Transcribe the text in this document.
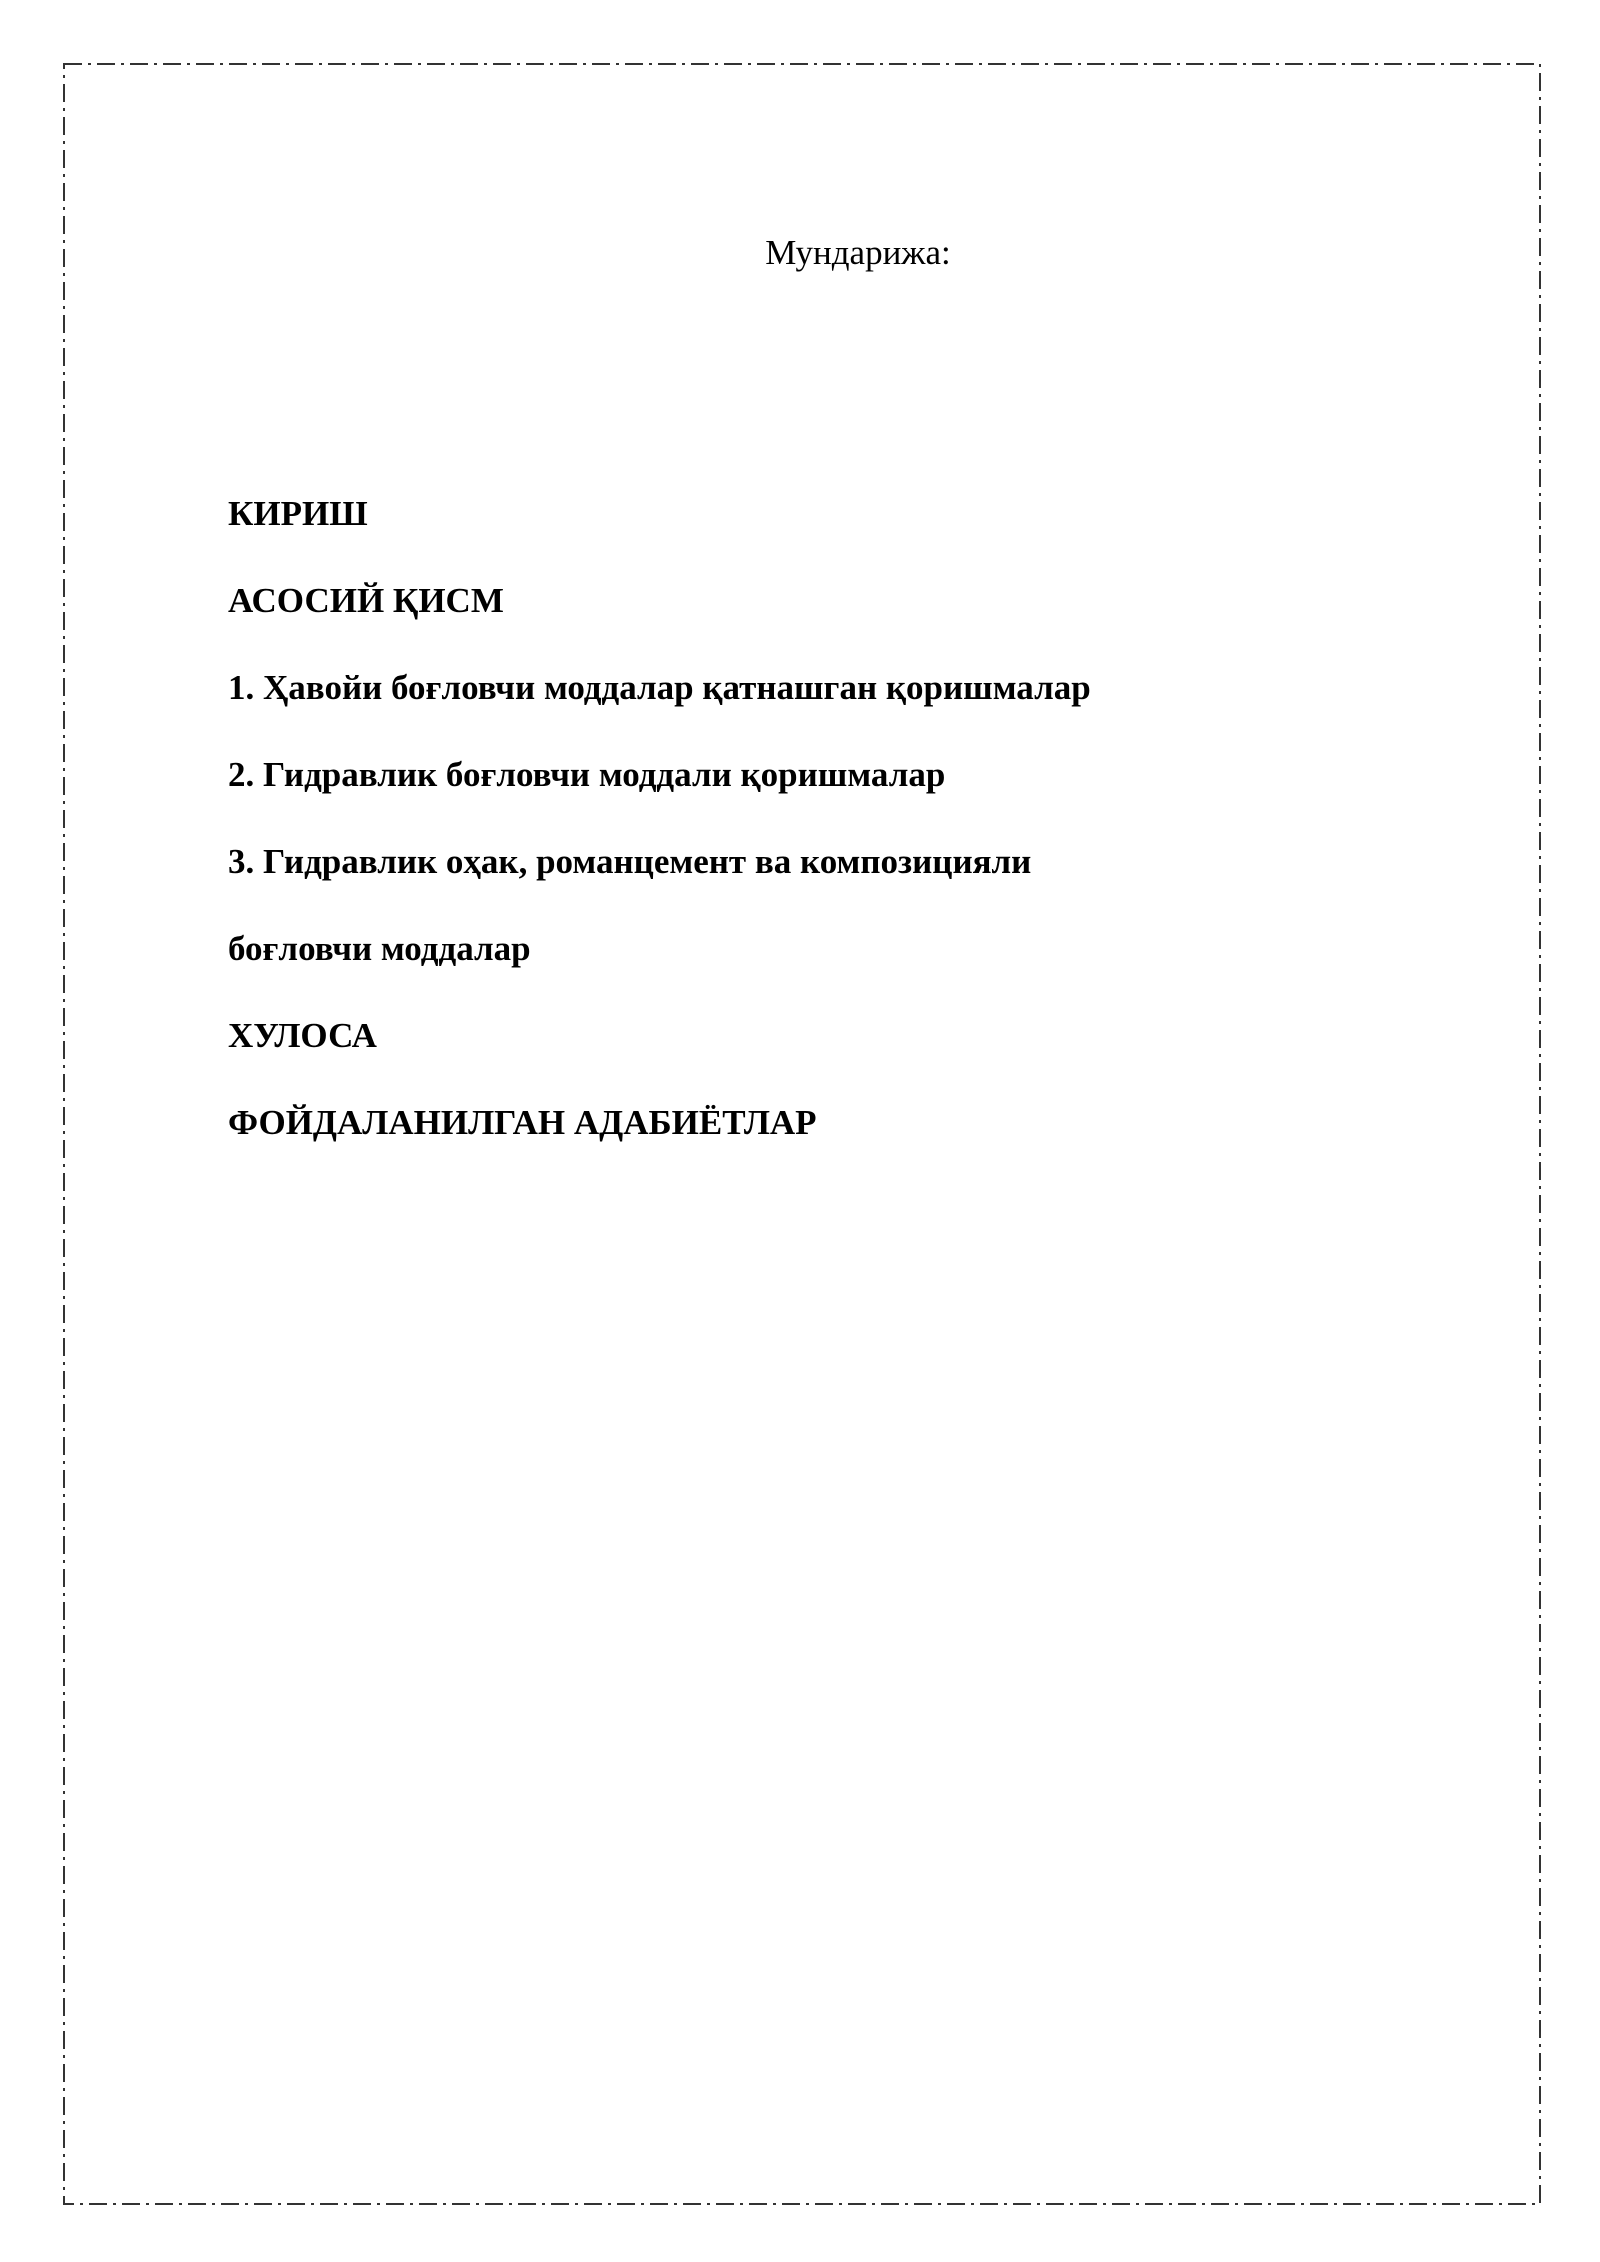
Мундарижа:
КИРИШ
АСОСИЙ ҚИСМ
1. Ҳавойи боғловчи моддалар қатнашган қоришмалар
2. Гидравлик боғловчи моддали қоришмалар
3. Гидравлик оҳак, романцемент ва композицияли
боғловчи моддалар
ХУЛОСА
ФОЙДАЛАНИЛГАН АДАБИЁТЛАР
